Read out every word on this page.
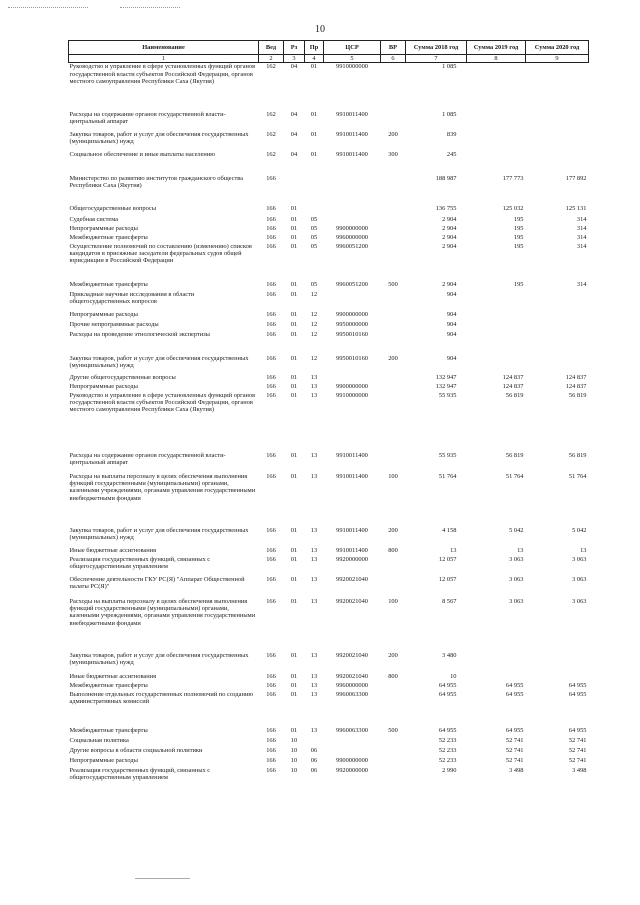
10
Наименование	Вед	Рз	Пр	ЦСР	ВР	Сумма 2018 год	Сумма 2019 год	Сумма 2020 год
1	2	3	4	5	6	7	8	9
Руководство и управление в сфере установленных функций органов государственной власти субъектов Российской Федерации, органов местного самоуправления Республики Саха (Якутия)	162	04	01	9910000000		1 085		
Расходы на содержание органов государственной власти- центральный аппарат	162	04	01	9910011400		1 085		
Закупка товаров, работ и услуг для обеспечения государственных (муниципальных) нужд	162	04	01	9910011400	200	839		
Социальное обеспечение и иные выплаты населению	162	04	01	9910011400	300	245		
Министерство по развитию институтов гражданского общества Республики Саха (Якутия)	166					188 987	177 773	177 892
Общегосударственные вопросы	166	01				136 755	125 032	125 131
Судебная система	166	01	05			2 904	195	314
Непрограммные расходы	166	01	05	9900000000		2 904	195	314
Межбюджетные трансферты	166	01	05	9960000000		2 904	195	314
Осуществление полномочий по составлению (изменению) списков кандидатов в присяжные заседатели федеральных судов общей юрисдикции в Российской Федерации	166	01	05	9960051200		2 904	195	314
Межбюджетные трансферты	166	01	05	9960051200	500	2 904	195	314
Прикладные научные исследования в области общегосударственных вопросов	166	01	12			904		
Непрограммные расходы	166	01	12	9900000000		904		
Прочие непрограммные расходы	166	01	12	9950000000		904		
Расходы на проведение этнологической экспертизы	166	01	12	9950010160		904		
Закупка товаров, работ и услуг для обеспечения государственных (муниципальных) нужд	166	01	12	9950010160	200	904		
Другие общегосударственные вопросы	166	01	13			132 947	124 837	124 837
Непрограммные расходы	166	01	13	9900000000		132 947	124 837	124 837
Руководство и управление в сфере установленных функций органов государственной власти субъектов Российской Федерации, органов местного самоуправления Республики Саха (Якутия)	166	01	13	9910000000		55 935	56 819	56 819
Расходы на содержание органов государственной власти- центральный аппарат	166	01	13	9910011400		55 935	56 819	56 819
Расходы на выплаты персоналу в целях обеспечения выполнения функций государственными (муниципальными) органами, казенными учреждениями, органами управления государственными внебюджетными фондами	166	01	13	9910011400	100	51 764	51 764	51 764
Закупка товаров, работ и услуг для обеспечения государственных (муниципальных) нужд	166	01	13	9910011400	200	4 158	5 042	5 042
Иные бюджетные ассигнования	166	01	13	9910011400	800	13	13	13
Реализация государственных функций, связанных с общегосударственным управлением	166	01	13	9920000000		12 057	3 063	3 063
Обеспечение деятельности ГКУ РС(Я) "Аппарат Общественной палаты РС(Я)"	166	01	13	9920021040		12 057	3 063	3 063
Расходы на выплаты персоналу в целях обеспечения выполнения функций государственными (муниципальными) органами, казенными учреждениями, органами управления государственными внебюджетными фондами	166	01	13	9920021040	100	8 567	3 063	3 063
Закупка товаров, работ и услуг для обеспечения государственных (муниципальных) нужд	166	01	13	9920021040	200	3 480		
Иные бюджетные ассигнования	166	01	13	9920021040	800	10		
Межбюджетные трансферты	166	01	13	9960000000		64 955	64 955	64 955
Выполнение отдельных государственных полномочий по созданию административных комиссий	166	01	13	9960063300		64 955	64 955	64 955
Межбюджетные трансферты	166	01	13	9960063300	500	64 955	64 955	64 955
Социальная политика	166	10				52 233	52 741	52 741
Другие вопросы в области социальной политики	166	10	06			52 233	52 741	52 741
Непрограммные расходы	166	10	06	9900000000		52 233	52 741	52 741
Реализация государственных функций, связанных с общегосударственным управлением	166	10	06	9920000000		2 990	3 498	3 498
